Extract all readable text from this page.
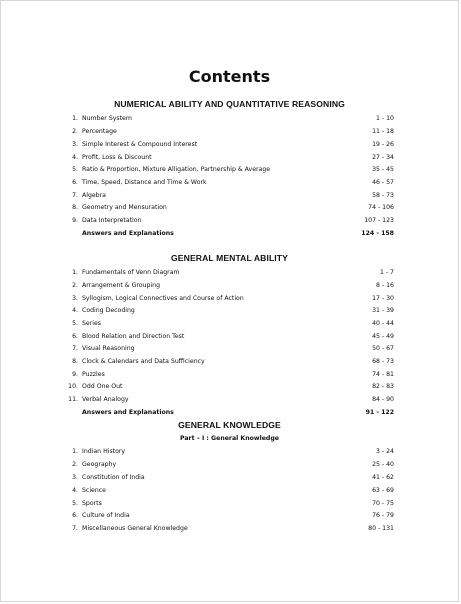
Contents
NUMERICAL ABILITY AND QUANTITATIVE REASONING
1. Number System	1 - 10
2. Percentage	11 - 18
3. Simple Interest & Compound Interest	19 - 26
4. Profit, Loss & Discount	27 - 34
5. Ratio & Proportion, Mixture Alligation, Partnership & Average	35 - 45
6. Time, Speed, Distance and Time & Work	46 - 57
7. Algebra	58 - 73
8. Geometry and Mensuration	74 - 106
9. Data Interpretation	107 - 123
Answers and Explanations	124 - 158
GENERAL MENTAL ABILITY
1. Fundamentals of Venn Diagram	1 - 7
2. Arrangement & Grouping	8 - 16
3. Syllogism, Logical Connectives and Course of Action	17 - 30
4. Coding Decoding	31 - 39
5. Series	40 - 44
6. Blood Relation and Direction Test	45 - 49
7. Visual Reasoning	50 - 67
8. Clock & Calendars and Data Sufficiency	68 - 73
9. Puzzles	74 - 81
10. Odd One Out	82 - 83
11. Verbal Analogy	84 - 90
Answers and Explanations	91 - 122
GENERAL KNOWLEDGE
Part – I : General Knowledge
1. Indian History	3 - 24
2. Geography	25 - 40
3. Constitution of India	41 - 62
4. Science	63 - 69
5. Sports	70 - 75
6. Culture of India	76 - 79
7. Miscellaneous General Knowledge	80 - 131
